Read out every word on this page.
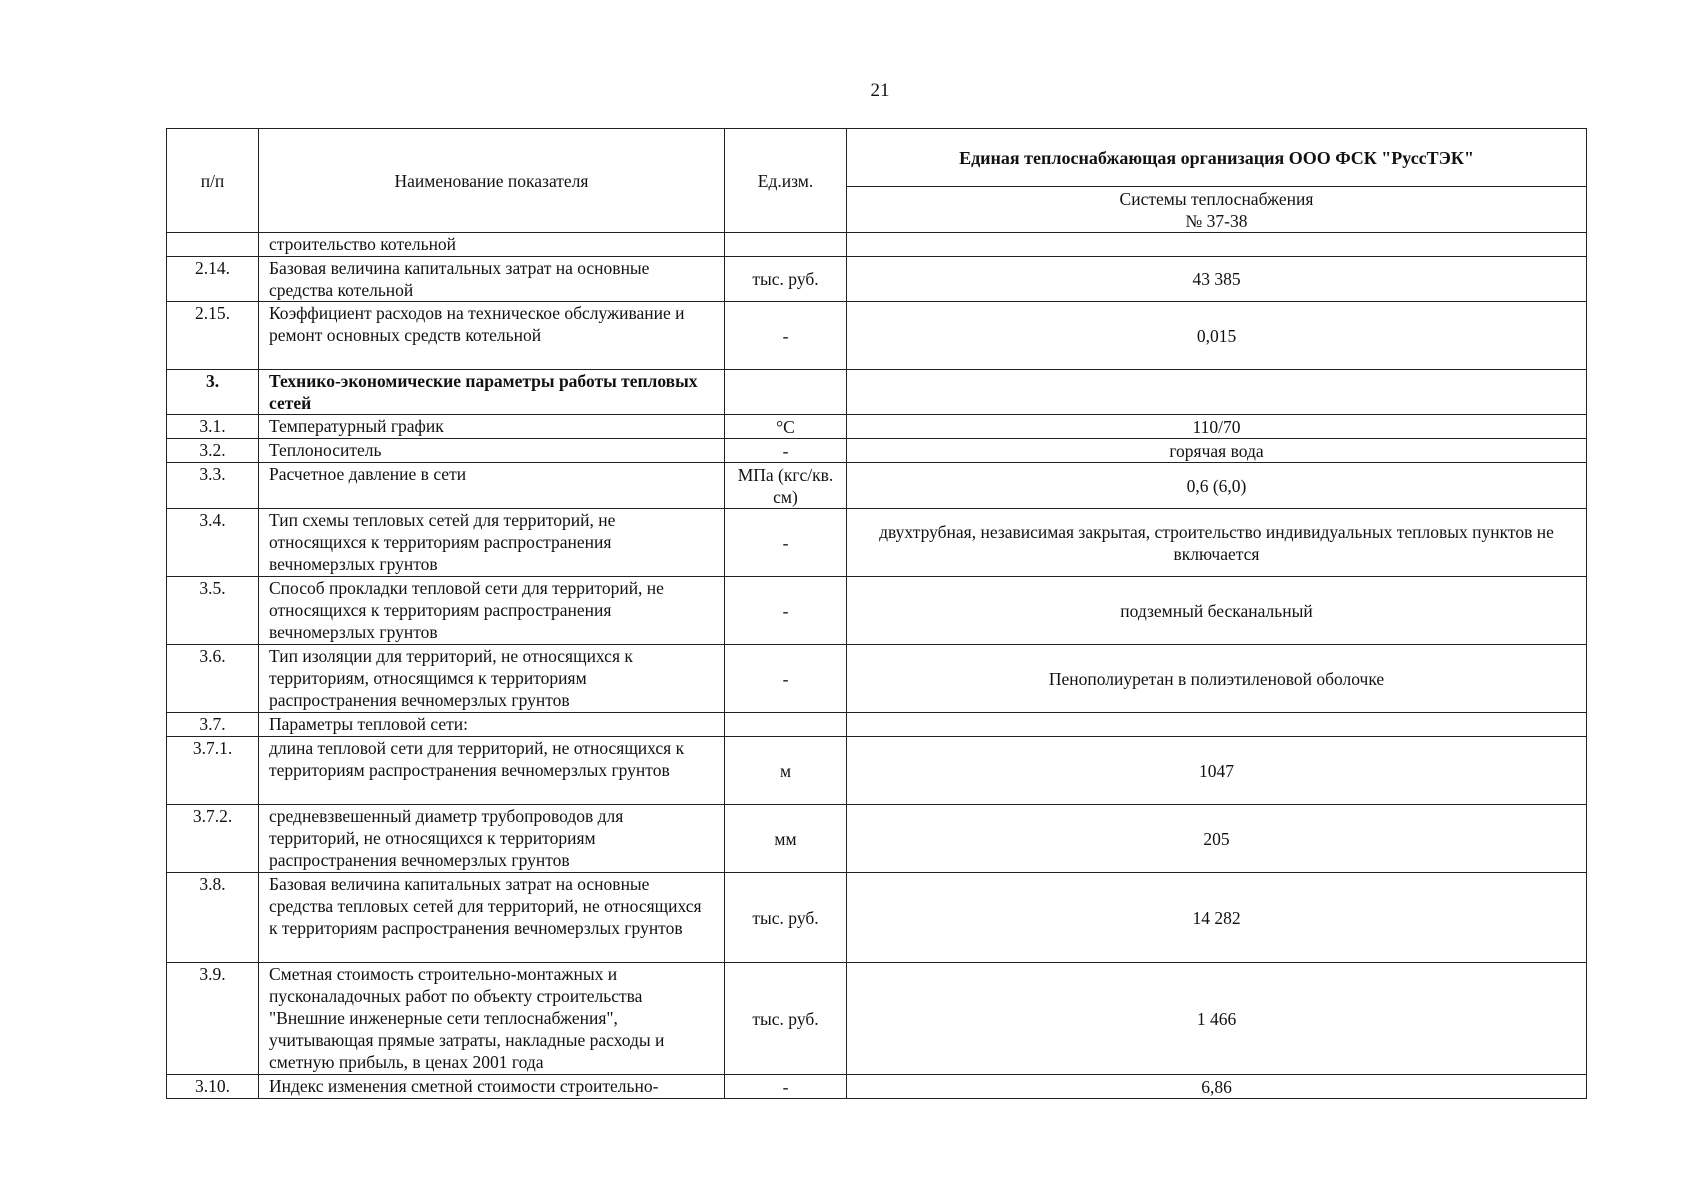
21
п/п	Наименование показателя	Ед.изм.	Единая теплоснабжающая организация ООО ФСК "РуссТЭК"
			Системы теплоснабжения
№ 37-38
	строительство котельной		
2.14.	Базовая величина капитальных затрат на основные средства котельной	тыс. руб.	43 385
2.15.	Коэффициент расходов на техническое обслуживание и ремонт основных средств котельной	-	0,015
3.	Технико-экономические параметры работы тепловых сетей		
3.1.	Температурный график	°С	110/70
3.2.	Теплоноситель	-	горячая вода
3.3.	Расчетное давление в сети	МПа (кгс/кв. см)	0,6 (6,0)
3.4.	Тип схемы тепловых сетей для территорий, не относящихся к территориям распространения вечномерзлых грунтов	-	двухтрубная, независимая закрытая, строительство индивидуальных тепловых пунктов не включается
3.5.	Способ прокладки тепловой сети для территорий, не относящихся к территориям распространения вечномерзлых грунтов	-	подземный бесканальный
3.6.	Тип изоляции для территорий, не относящихся к территориям, относящимся к территориям распространения вечномерзлых грунтов	-	Пенополиуретан в полиэтиленовой оболочке
3.7.	Параметры тепловой сети:		
3.7.1.	длина тепловой сети для территорий, не относящихся к территориям распространения вечномерзлых грунтов	м	1047
3.7.2.	средневзвешенный диаметр трубопроводов для территорий, не относящихся к территориям распространения вечномерзлых грунтов	мм	205
3.8.	Базовая величина капитальных затрат на основные средства тепловых сетей для территорий, не относящихся к территориям распространения вечномерзлых грунтов	тыс. руб.	14 282
3.9.	Сметная стоимость строительно-монтажных и пусконаладочных работ по объекту строительства "Внешние инженерные сети теплоснабжения", учитывающая прямые затраты, накладные расходы и сметную прибыль, в ценах 2001 года	тыс. руб.	1 466
3.10.	Индекс изменения сметной стоимости строительно-	-	6,86
